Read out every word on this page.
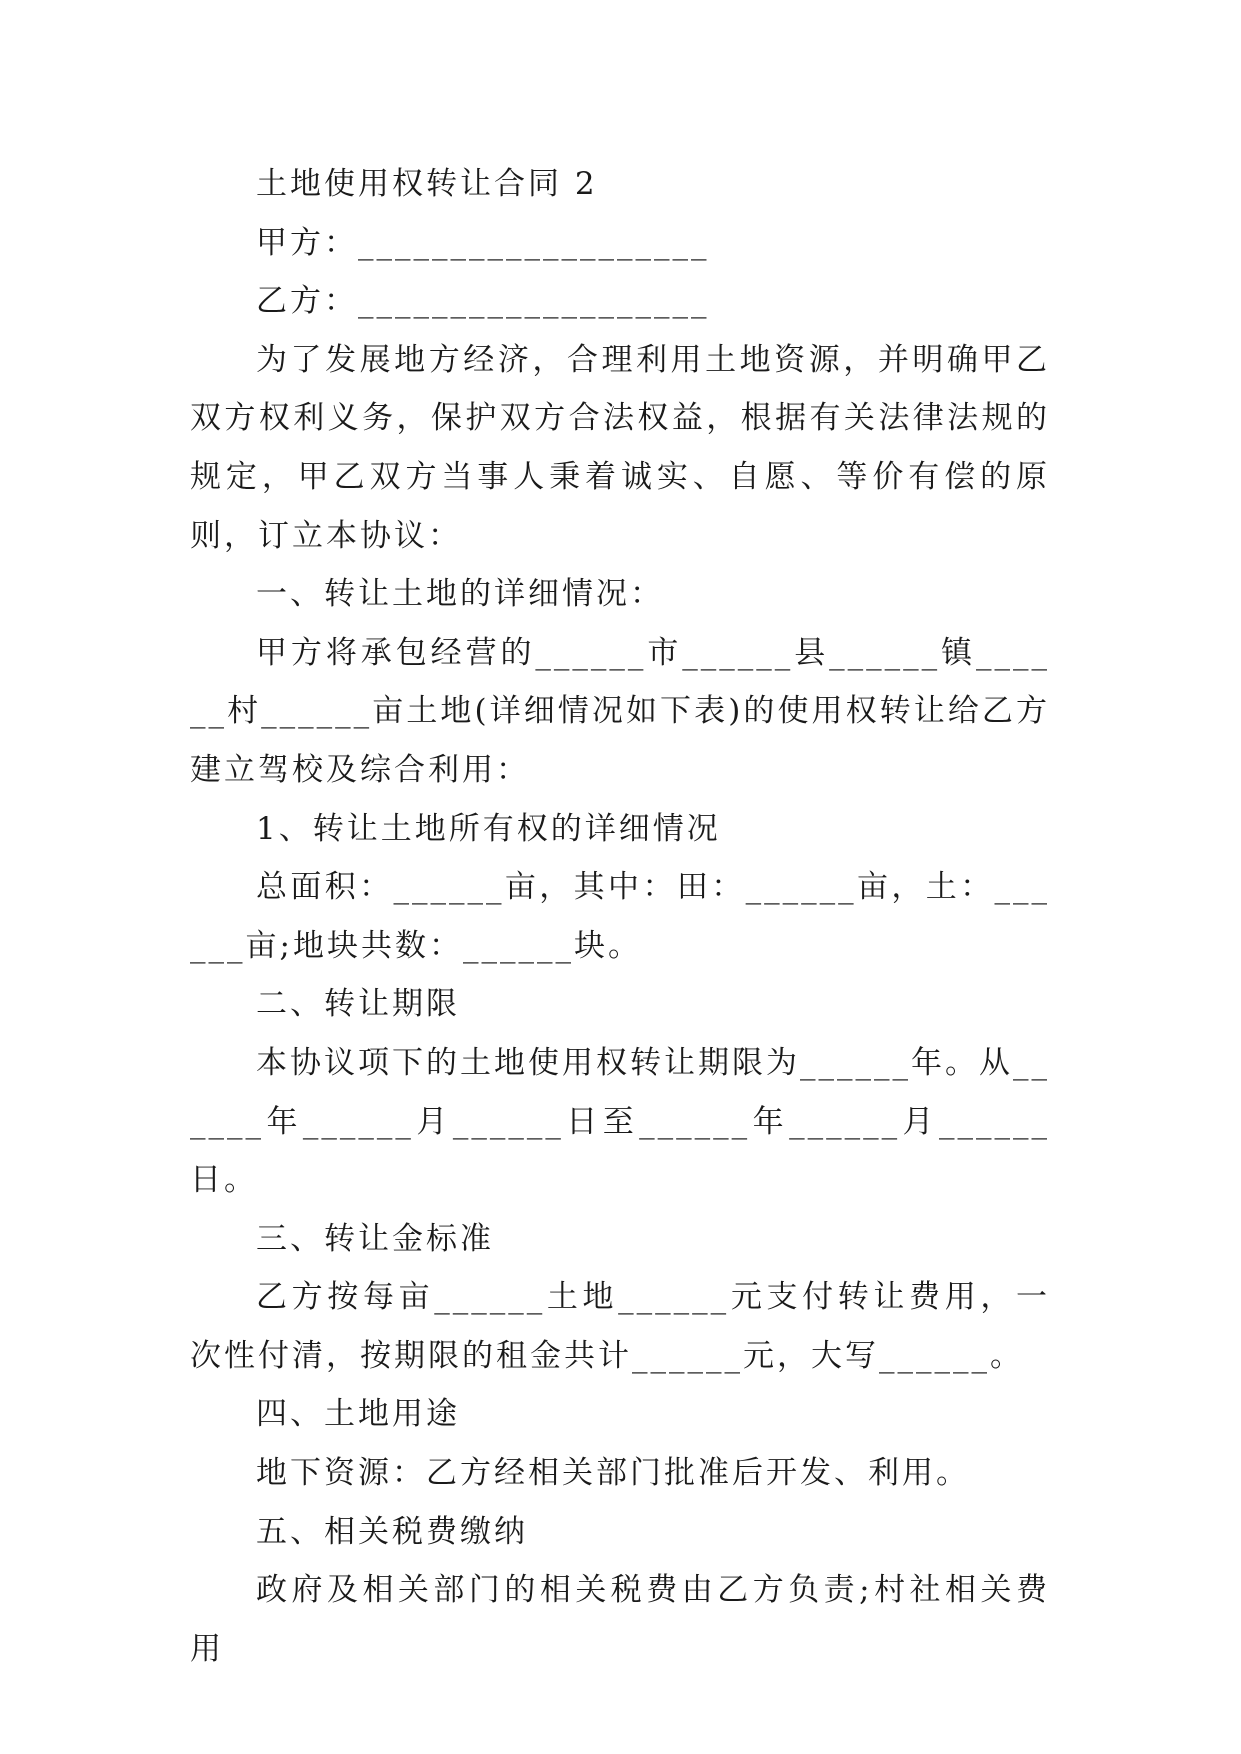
土地使用权转让合同 2

甲方：___________________

乙方：___________________

为了发展地方经济，合理利用土地资源，并明确甲乙双方权利义务，保护双方合法权益，根据有关法律法规的规定，甲乙双方当事人秉着诚实、自愿、等价有偿的原则，订立本协议：

一、转让土地的详细情况：

甲方将承包经营的______市______县______镇______村______亩土地(详细情况如下表)的使用权转让给乙方建立驾校及综合利用：

1、转让土地所有权的详细情况

总面积：______亩，其中：田：______亩，土：______亩;地块共数：______块。

二、转让期限

本协议项下的土地使用权转让期限为______年。从______年______月______日至______年______月______日。

三、转让金标准

乙方按每亩______土地______元支付转让费用，一次性付清，按期限的租金共计______元，大写______。

四、土地用途

地下资源：乙方经相关部门批准后开发、利用。

五、相关税费缴纳

政府及相关部门的相关税费由乙方负责;村社相关费用
